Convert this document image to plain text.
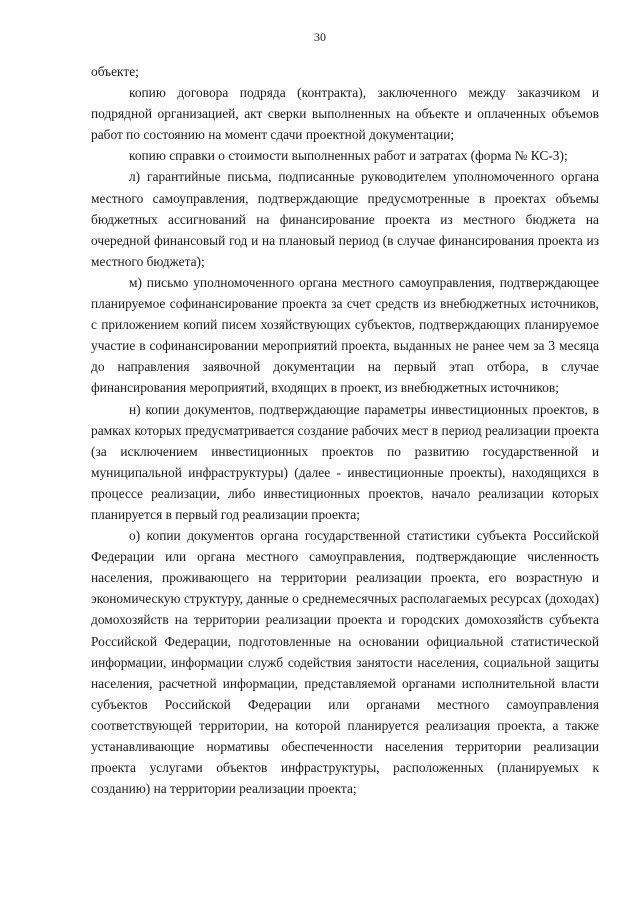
30

объекте;

копию договора подряда (контракта), заключенного между заказчиком и подрядной организацией, акт сверки выполненных на объекте и оплаченных объемов работ по состоянию на момент сдачи проектной документации;

копию справки о стоимости выполненных работ и затратах (форма № КС-3);

л) гарантийные письма, подписанные руководителем уполномоченного органа местного самоуправления, подтверждающие предусмотренные в проектах объемы бюджетных ассигнований на финансирование проекта из местного бюджета на очередной финансовый год и на плановый период (в случае финансирования проекта из местного бюджета);

м) письмо уполномоченного органа местного самоуправления, подтверждающее планируемое софинансирование проекта за счет средств из внебюджетных источников, с приложением копий писем хозяйствующих субъектов, подтверждающих планируемое участие в софинансировании мероприятий проекта, выданных не ранее чем за 3 месяца до направления заявочной документации на первый этап отбора, в случае финансирования мероприятий, входящих в проект, из внебюджетных источников;

н) копии документов, подтверждающие параметры инвестиционных проектов, в рамках которых предусматривается создание рабочих мест в период реализации проекта (за исключением инвестиционных проектов по развитию государственной и муниципальной инфраструктуры) (далее - инвестиционные проекты), находящихся в процессе реализации, либо инвестиционных проектов, начало реализации которых планируется в первый год реализации проекта;

о) копии документов органа государственной статистики субъекта Российской Федерации или органа местного самоуправления, подтверждающие численность населения, проживающего на территории реализации проекта, его возрастную и экономическую структуру, данные о среднемесячных располагаемых ресурсах (доходах) домохозяйств на территории реализации проекта и городских домохозяйств субъекта Российской Федерации, подготовленные на основании официальной статистической информации, информации служб содействия занятости населения, социальной защиты населения, расчетной информации, представляемой органами исполнительной власти субъектов Российской Федерации или органами местного самоуправления соответствующей территории, на которой планируется реализация проекта, а также устанавливающие нормативы обеспеченности населения территории реализации проекта услугами объектов инфраструктуры, расположенных (планируемых к созданию) на территории реализации проекта;
